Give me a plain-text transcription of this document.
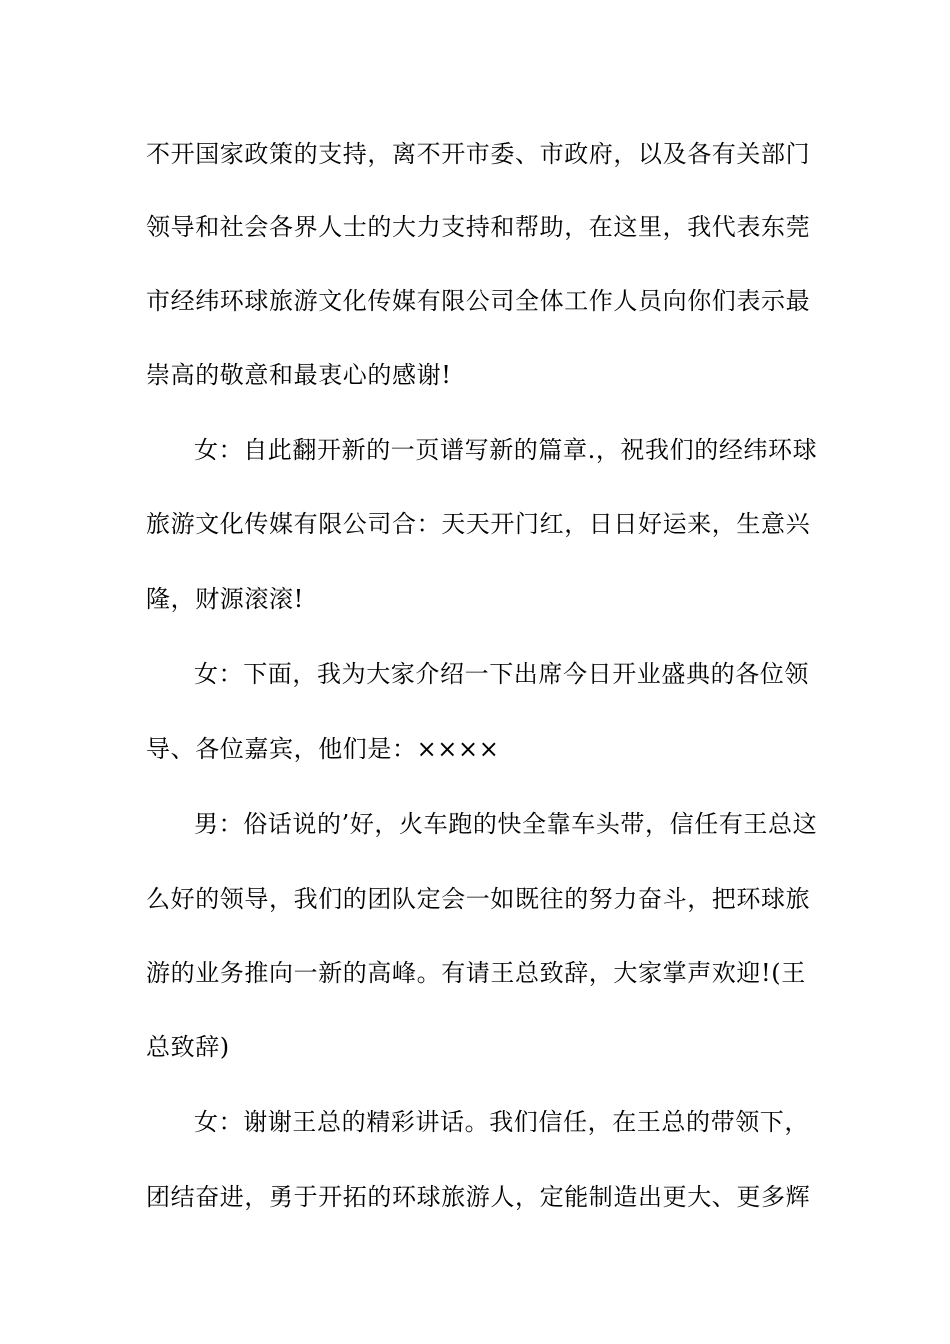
不开国家政策的支持，离不开市委、市政府，以及各有关部门
领导和社会各界人士的大力支持和帮助，在这里，我代表东莞
市经纬环球旅游文化传媒有限公司全体工作人员向你们表示最
崇高的敬意和最衷心的感谢!
女：自此翻开新的一页谱写新的篇章.，祝我们的经纬环球
旅游文化传媒有限公司合：天天开门红，日日好运来，生意兴
隆，财源滚滚!
女：下面，我为大家介绍一下出席今日开业盛典的各位领
导、各位嘉宾，他们是：××××
男：俗话说的’好，火车跑的快全靠车头带，信任有王总这
么好的领导，我们的团队定会一如既往的努力奋斗，把环球旅
游的业务推向一新的高峰。有请王总致辞，大家掌声欢迎!(王
总致辞)
女：谢谢王总的精彩讲话。我们信任，在王总的带领下，
团结奋进，勇于开拓的环球旅游人，定能制造出更大、更多辉
